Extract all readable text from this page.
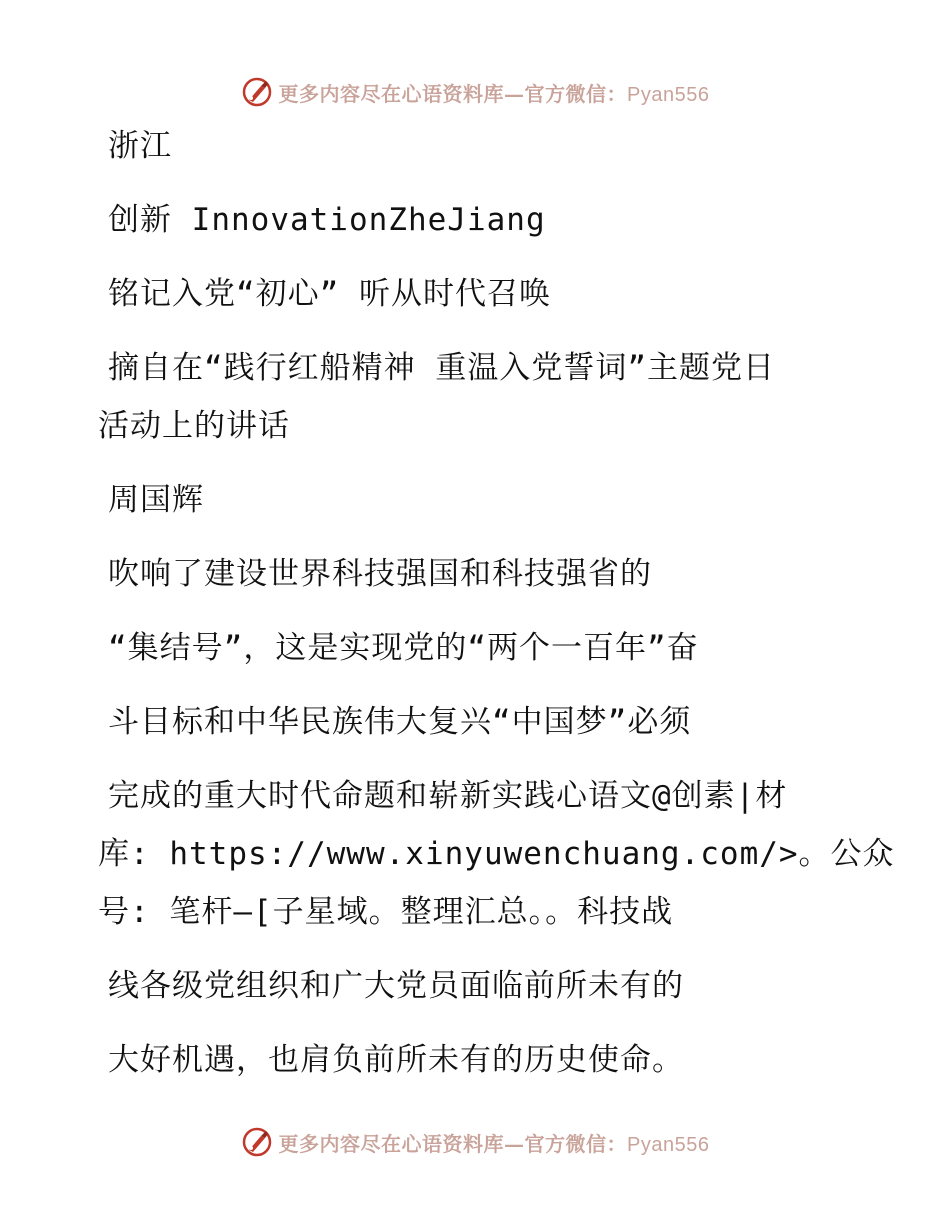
更多内容尽在心语资料库—官方微信：Pyan556

浙江

创新 InnovationZheJiang

铭记入党“初心” 听从时代召唤

摘自在“践行红船精神 重温入党誓词”主题党日

活动上的讲话

周国辉

吹响了建设世界科技强国和科技强省的

“集结号”，这是实现党的“两个一百年”奋

斗目标和中华民族伟大复兴“中国梦”必须

完成的重大时代命题和崭新实践心语文@创素|材

库: https://www.xinyuwenchuang.com/>。公众

号: 笔杆—[子星域。整理汇总。。科技战

线各级党组织和广大党员面临前所未有的

大好机遇，也肩负前所未有的历史使命。

更多内容尽在心语资料库—官方微信：Pyan556
